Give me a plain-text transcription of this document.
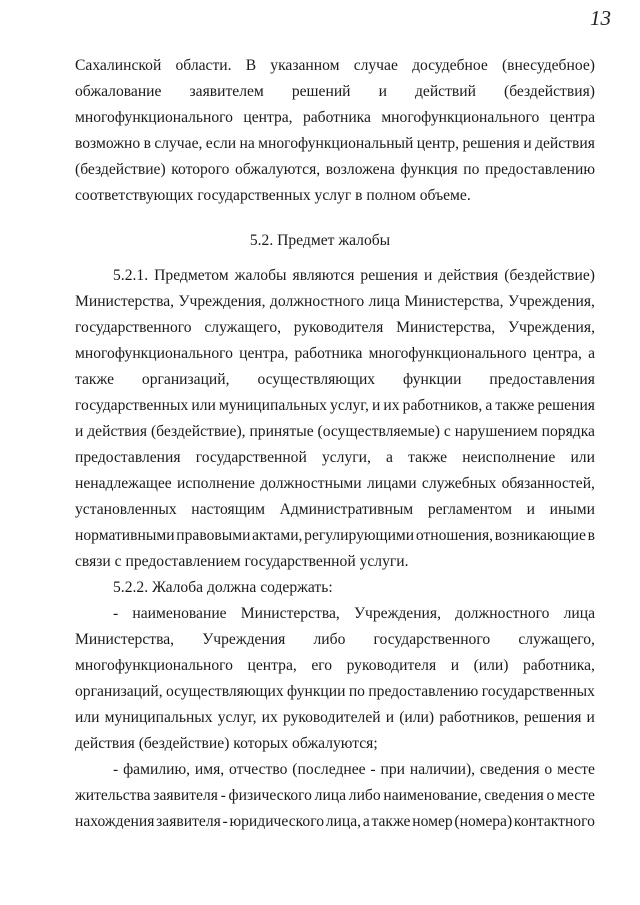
13
Сахалинской области. В указанном случае досудебное (внесудебное)
обжалование заявителем решений и действий (бездействия)
многофункционального центра, работника многофункционального центра
возможно в случае, если на многофункциональный центр, решения и действия
(бездействие) которого обжалуются, возложена функция по предоставлению
соответствующих государственных услуг в полном объеме.
5.2. Предмет жалобы
5.2.1. Предметом жалобы являются решения и действия (бездействие)
Министерства, Учреждения, должностного лица Министерства, Учреждения,
государственного служащего, руководителя Министерства, Учреждения,
многофункционального центра, работника многофункционального центра, а
также организаций, осуществляющих функции предоставления
государственных или муниципальных услуг, и их работников, а также решения
и действия (бездействие), принятые (осуществляемые) с нарушением порядка
предоставления государственной услуги, а также неисполнение или
ненадлежащее исполнение должностными лицами служебных обязанностей,
установленных настоящим Административным регламентом и иными
нормативными правовыми актами, регулирующими отношения, возникающие в
связи с предоставлением государственной услуги.
5.2.2. Жалоба должна содержать:
- наименование Министерства, Учреждения, должностного лица
Министерства, Учреждения либо государственного служащего,
многофункционального центра, его руководителя и (или) работника,
организаций, осуществляющих функции по предоставлению государственных
или муниципальных услуг, их руководителей и (или) работников, решения и
действия (бездействие) которых обжалуются;
- фамилию, имя, отчество (последнее - при наличии), сведения о месте
жительства заявителя - физического лица либо наименование, сведения о месте
нахождения заявителя - юридического лица, а также номер (номера) контактного
